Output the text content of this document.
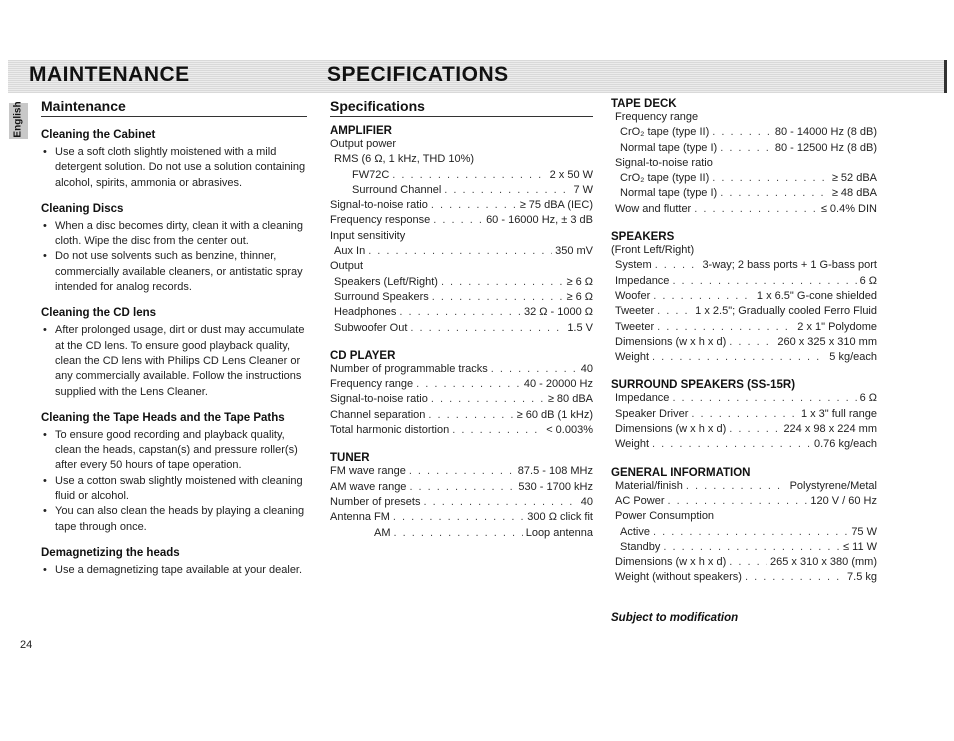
MAINTENANCE	SPECIFICATIONS
English Maintenance
Cleaning the Cabinet
• Use a soft cloth slightly moistened with a mild detergent solution. Do not use a solution containing alcohol, spirits, ammonia or abrasives.
Cleaning Discs
• When a disc becomes dirty, clean it with a cleaning cloth. Wipe the disc from the center out.
• Do not use solvents such as benzine, thinner, commercially available cleaners, or antistatic spray intended for analog records.
Cleaning the CD lens
• After prolonged usage, dirt or dust may accumulate at the CD lens. To ensure good playback quality, clean the CD lens with Philips CD Lens Cleaner or any commercially available. Follow the instructions supplied with the Lens Cleaner.
Cleaning the Tape Heads and the Tape Paths
• To ensure good recording and playback quality, clean the heads, capstan(s) and pressure roller(s) after every 50 hours of tape operation.
• Use a cotton swab slightly moistened with cleaning fluid or alcohol.
• You can also clean the heads by playing a cleaning tape through once.
Demagnetizing the heads
• Use a demagnetizing tape available at your dealer.
Specifications
AMPLIFIER
Output power
RMS (6 Ω, 1 kHz, THD 10%)
FW72C . . .	2 x 50 W
Surround Channel . . .	7 W
Signal-to-noise ratio . . .	≥ 75 dBA (IEC)
Frequency response . . .	60 - 16000 Hz, ± 3 dB
Input sensitivity
Aux In . . .	350 mV
Output
Speakers (Left/Right) . . .	≥ 6 Ω
Surround Speakers . . .	≥ 6 Ω
Headphones . . .	32 Ω - 1000 Ω
Subwoofer Out . . .	1.5 V
CD PLAYER
Number of programmable tracks . . .	40
Frequency range . . .	40 - 20000 Hz
Signal-to-noise ratio . . .	≥ 80 dBA
Channel separation . . .	≥ 60 dB (1 kHz)
Total harmonic distortion . . .	< 0.003%
TUNER
FM wave range . . .	87.5 - 108 MHz
AM wave range . . .	530 - 1700 kHz
Number of presets . . .	40
Antenna FM . . .	300 Ω click fit
AM . . .	Loop antenna
TAPE DECK
Frequency range
CrO₂ tape (type II) . . .	80 - 14000 Hz (8 dB)
Normal tape (type I) . . .	80 - 12500 Hz (8 dB)
Signal-to-noise ratio
CrO₂ tape (type II) . . .	≥ 52 dBA
Normal tape (type I) . . .	≥ 48 dBA
Wow and flutter . . .	≤ 0.4% DIN
SPEAKERS
(Front Left/Right)
System . . .	3-way; 2 bass ports + 1 G-bass port
Impedance . . .	6 Ω
Woofer . . .	1 x 6.5" G-cone shielded
Tweeter . . .	1 x 2.5"; Gradually cooled Ferro Fluid
Tweeter . . .	2 x 1" Polydome
Dimensions (w x h x d) . . .	260 x 325 x 310 mm
Weight . . .	5 kg/each
SURROUND SPEAKERS (SS-15R)
Impedance . . .	6 Ω
Speaker Driver . . .	1 x 3" full range
Dimensions (w x h x d) . . .	224 x 98 x 224 mm
Weight . . .	0.76 kg/each
GENERAL INFORMATION
Material/finish . . .	Polystyrene/Metal
AC Power . . .	120 V / 60 Hz
Power Consumption
Active . . .	75 W
Standby . . .	≤ 11 W
Dimensions (w x h x d) . . .	265 x 310 x 380 (mm)
Weight (without speakers) . . .	7.5 kg
Subject to modification
24
